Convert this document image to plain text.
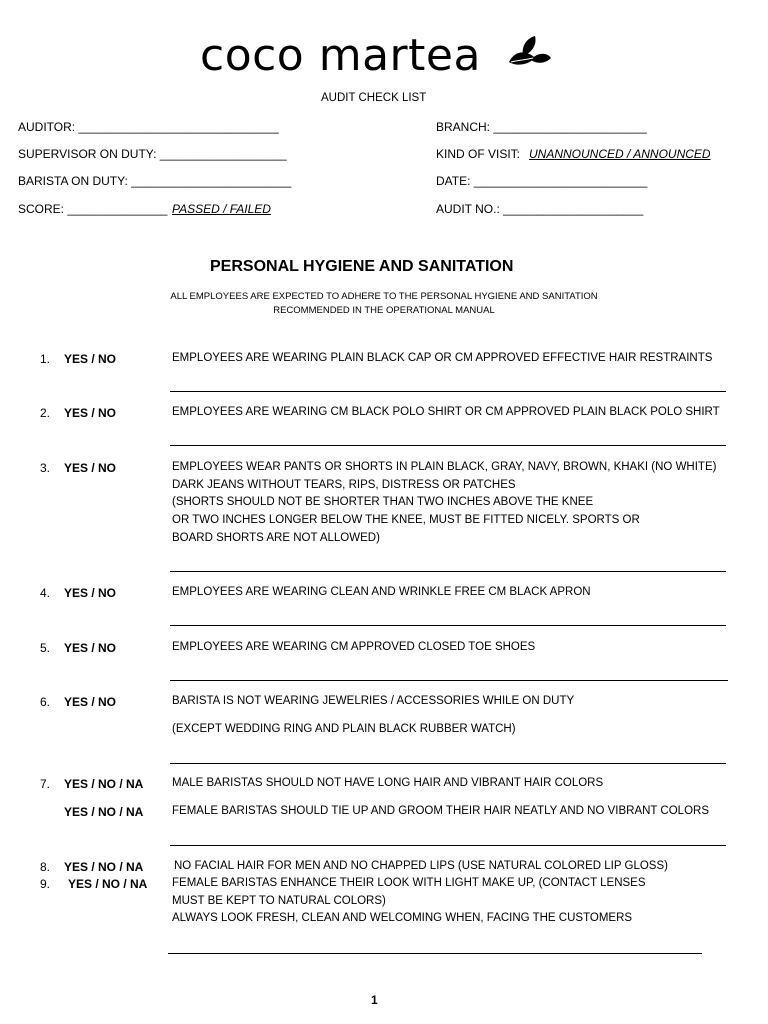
coco martea
AUDIT CHECK LIST
AUDITOR: ______________________________	BRANCH: _______________________
SUPERVISOR ON DUTY: ___________________	KIND OF VISIT: UNANNOUNCED / ANNOUNCED
BARISTA ON DUTY: ________________________	DATE: __________________________
SCORE: _______________ PASSED / FAILED	AUDIT NO.: _____________________
PERSONAL HYGIENE AND SANITATION
ALL EMPLOYEES ARE EXPECTED TO ADHERE TO THE PERSONAL HYGIENE AND SANITATION
RECOMMENDED IN THE OPERATIONAL MANUAL
1. YES / NO	EMPLOYEES ARE WEARING PLAIN BLACK CAP OR CM APPROVED EFFECTIVE HAIR RESTRAINTS
2. YES / NO	EMPLOYEES ARE WEARING CM BLACK POLO SHIRT OR CM APPROVED PLAIN BLACK POLO SHIRT
3. YES / NO	EMPLOYEES WEAR PANTS OR SHORTS IN PLAIN BLACK, GRAY, NAVY, BROWN, KHAKI (NO WHITE)
DARK JEANS WITHOUT TEARS, RIPS, DISTRESS OR PATCHES
(SHORTS SHOULD NOT BE SHORTER THAN TWO INCHES ABOVE THE KNEE
OR TWO INCHES LONGER BELOW THE KNEE, MUST BE FITTED NICELY. SPORTS OR
BOARD SHORTS ARE NOT ALLOWED)
4. YES / NO	EMPLOYEES ARE WEARING CLEAN AND WRINKLE FREE CM BLACK APRON
5. YES / NO	EMPLOYEES ARE WEARING CM APPROVED CLOSED TOE SHOES
6. YES / NO	BARISTA IS NOT WEARING JEWELRIES / ACCESSORIES WHILE ON DUTY
(EXCEPT WEDDING RING AND PLAIN BLACK RUBBER WATCH)
7. YES / NO / NA MALE BARISTAS SHOULD NOT HAVE LONG HAIR AND VIBRANT HAIR COLORS
YES / NO / NA FEMALE BARISTAS SHOULD TIE UP AND GROOM THEIR HAIR NEATLY AND NO VIBRANT COLORS
8. YES / NO / NA	NO FACIAL HAIR FOR MEN AND NO CHAPPED LIPS (USE NATURAL COLORED LIP GLOSS)
9. YES / NO / NA FEMALE BARISTAS ENHANCE THEIR LOOK WITH LIGHT MAKE UP, (CONTACT LENSES
MUST BE KEPT TO NATURAL COLORS)
ALWAYS LOOK FRESH, CLEAN AND WELCOMING WHEN, FACING THE CUSTOMERS
1
